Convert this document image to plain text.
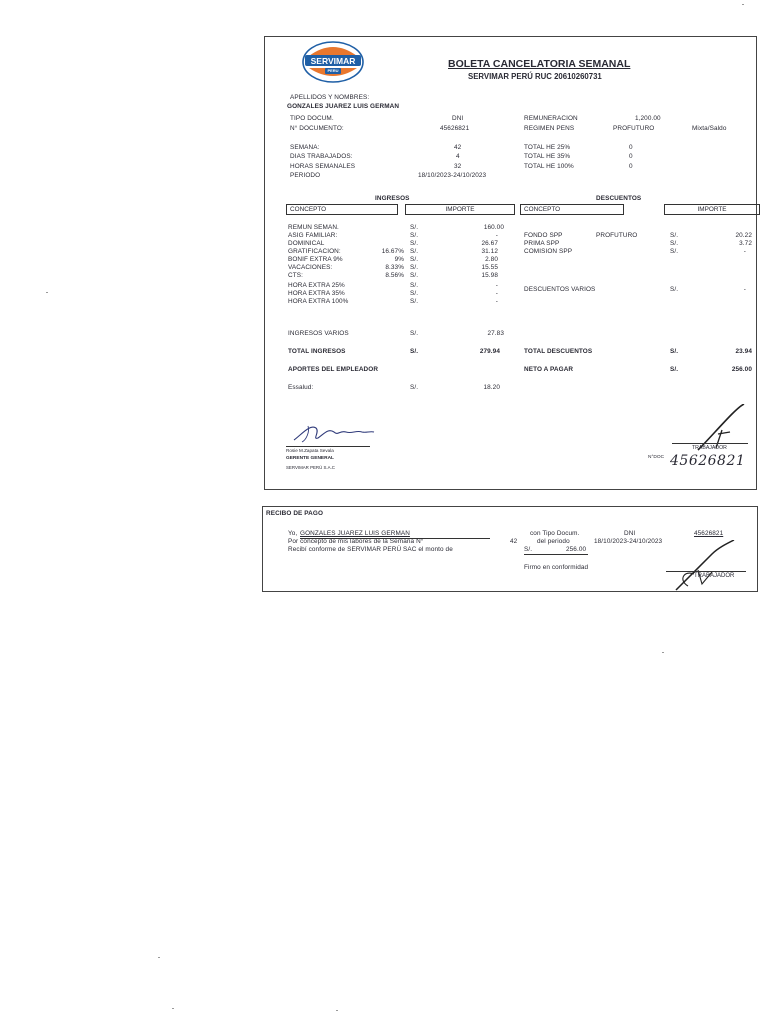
SERVIMAR
PERU
BOLETA CANCELATORIA SEMANAL
SERVIMAR PERÚ RUC 20610260731
APELLIDOS Y NOMBRES:
GONZALES JUAREZ LUIS GERMAN
TIPO DOCUM.	DNI
N° DOCUMENTO:	45626821
REMUNERACION	1,200.00
REGIMEN PENS	PROFUTURO	Mixta/Saldo
SEMANA:	42
DIAS TRABAJADOS:	4
HORAS SEMANALES	32
PERIODO	18/10/2023-24/10/2023
TOTAL HE 25%	0
TOTAL HE 35%	0
TOTAL HE 100%	0
INGRESOS
CONCEPTO	IMPORTE
DESCUENTOS
CONCEPTO	IMPORTE
REMUN SEMAN.	S/.	160.00
ASIG FAMILIAR:	S/.	-
DOMINICAL	S/.	26.67
GRATIFICACION:	16.67% S/.	31.12
BONIF EXTRA 9%	9% S/.	2.80
VACACIONES:	8.33% S/.	15.55
CTS:	8.56% S/.	15.98
HORA EXTRA 25%	S/.	-
HORA EXTRA 35%	S/.	-
HORA EXTRA 100%	S/.	-
FONDO SPP	PROFUTURO	S/.	20.22
PRIMA SPP	S/.	3.72
COMISION SPP	S/.	-
DESCUENTOS VARIOS	S/.	-
INGRESOS VARIOS	S/.	27.83
TOTAL INGRESOS	S/.	279.94	TOTAL DESCUENTOS	S/.	23.94
APORTES DEL EMPLEADOR	NETO A PAGAR	S/.	256.00
Essalud:	S/.	18.20
Rosie M.Zapata Sevala
GERENTE GENERAL
SERVIMAR PERÚ S.A.C
TRABAJADOR
N°DOC 45626821
RECIBO DE PAGO
Yo, GONZALES JUAREZ LUIS GERMAN	con Tipo Docum.	DNI	45626821
Por concepto de mis labores de la Semana N°	42	del periodo	18/10/2023-24/10/2023
Recibí conforme de SERVIMAR PERÚ SAC el monto de	S/.	256.00
Firmo en conformidad
TRABAJADOR
